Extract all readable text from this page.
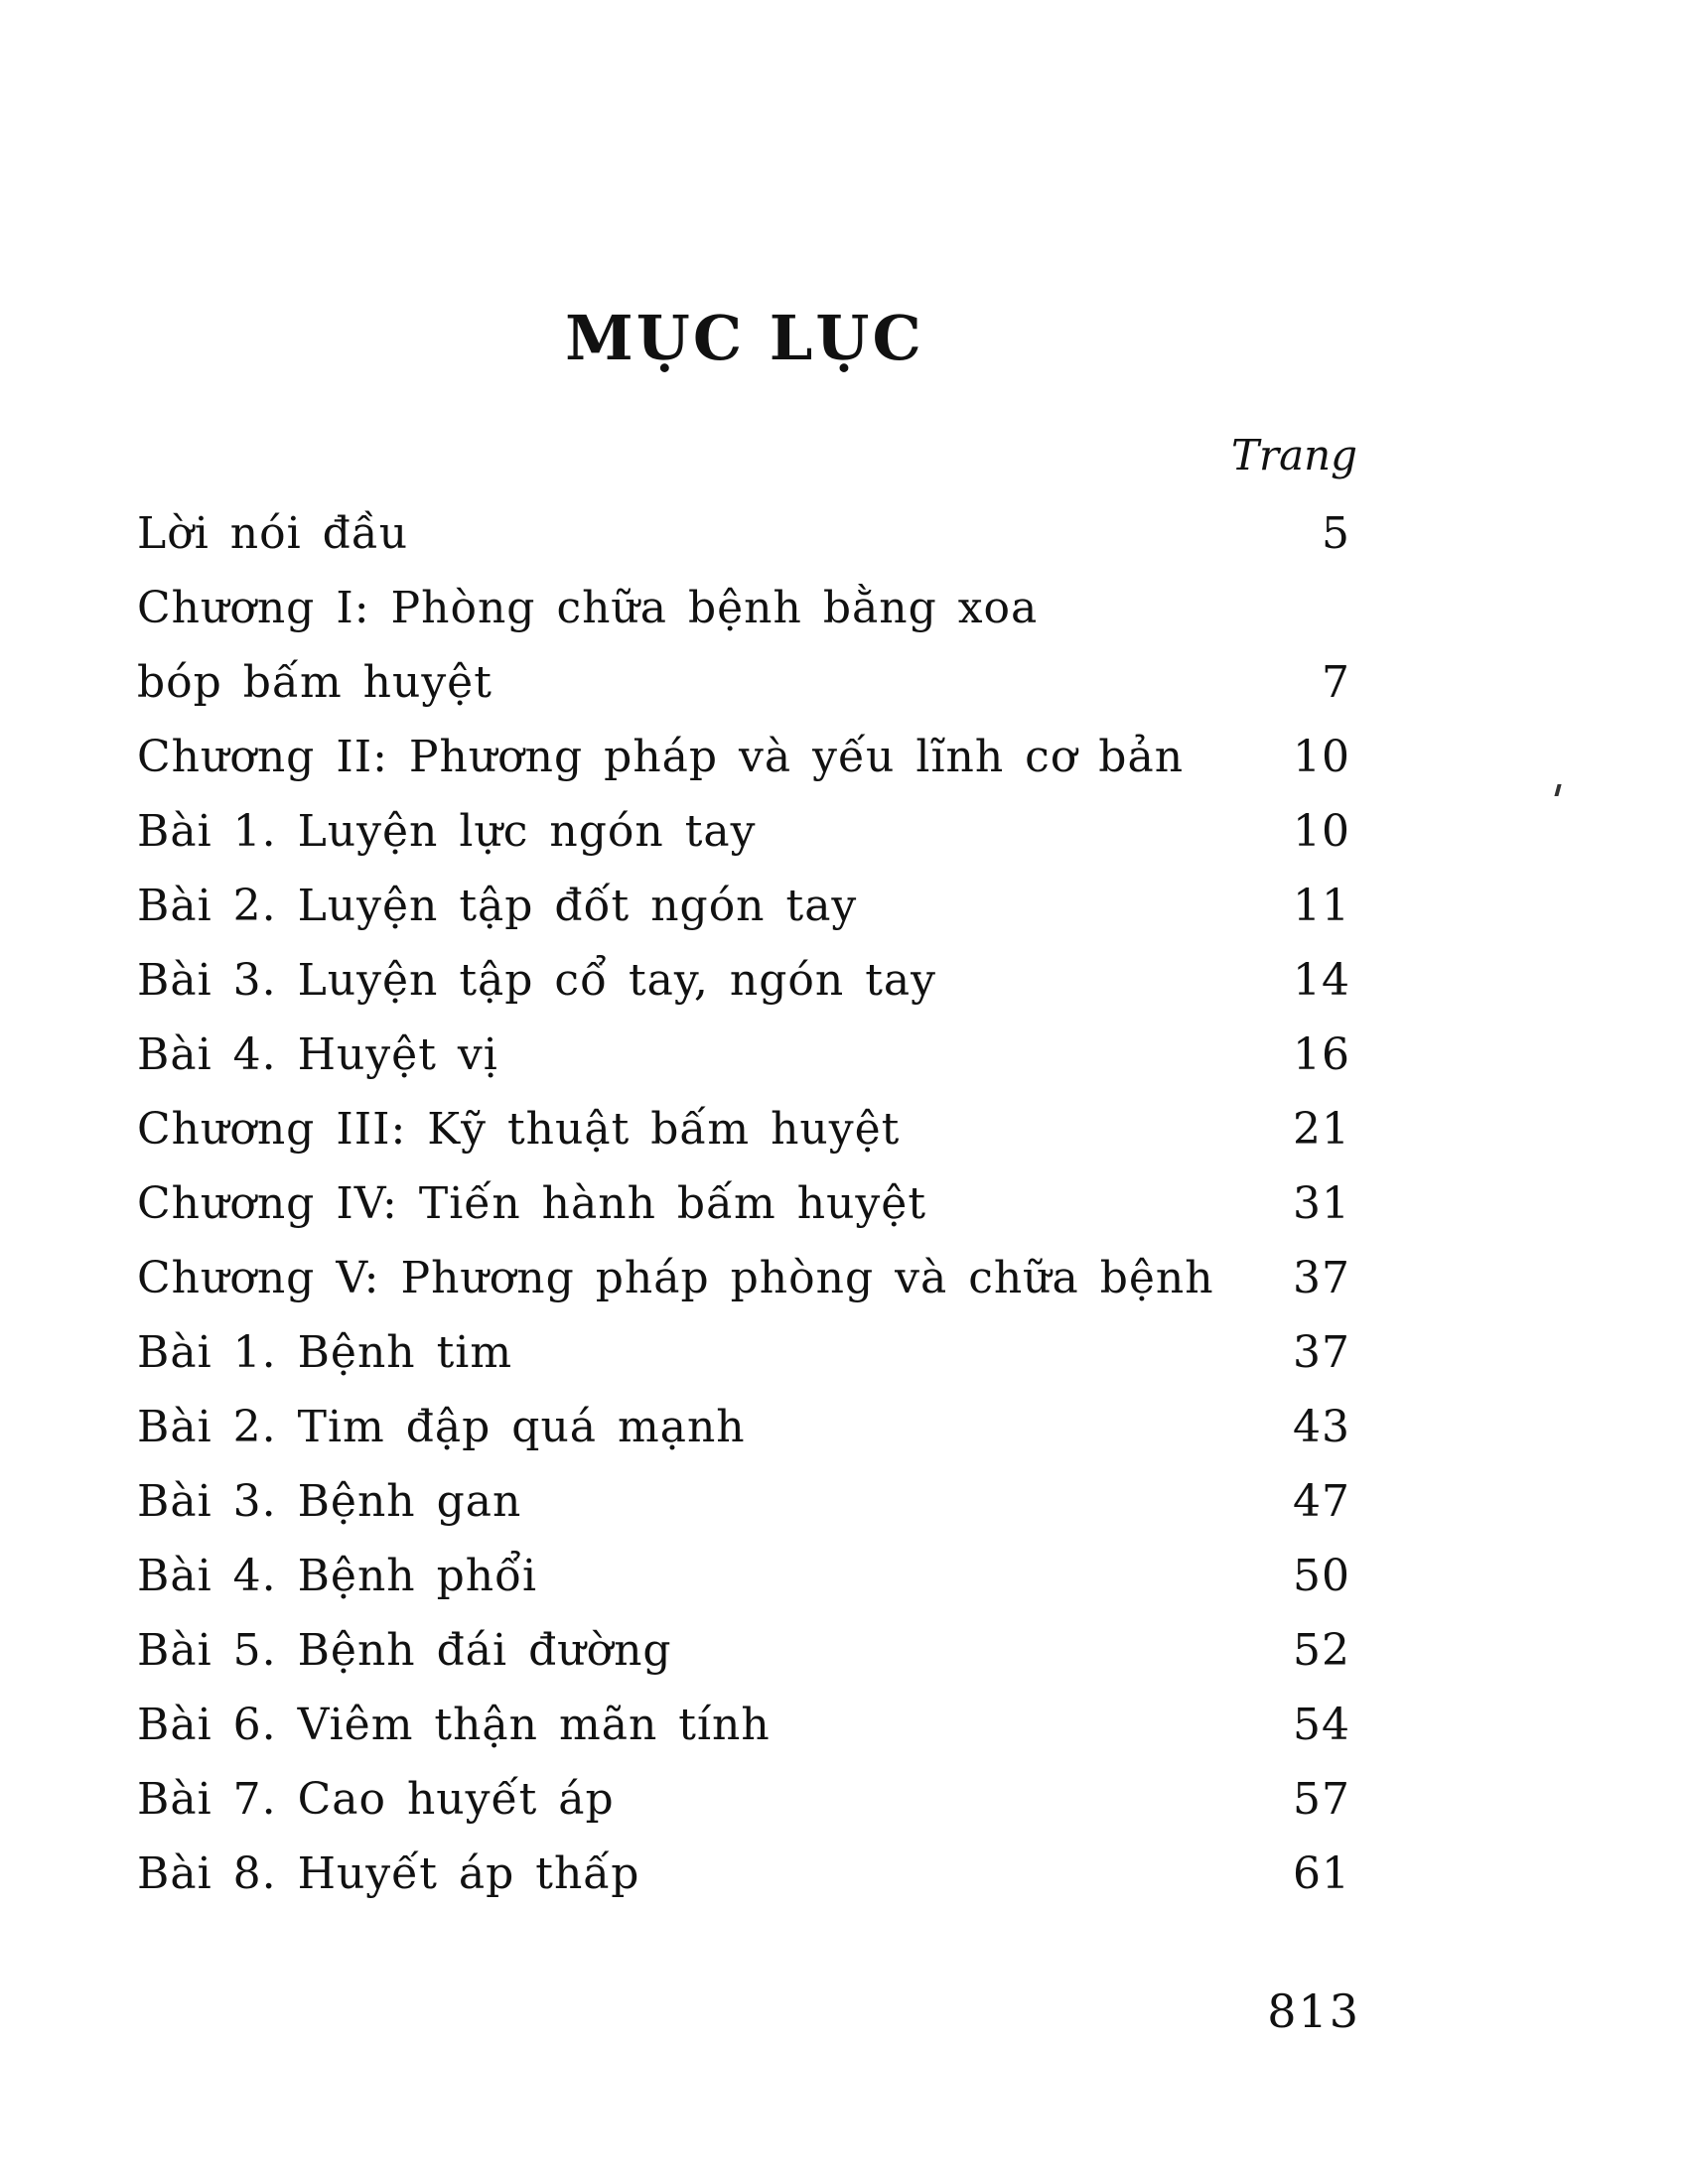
MỤC LỤC
Trang
Lời nói đầu	5
Chương I: Phòng chữa bệnh bằng xoa
bóp bấm huyệt	7
Chương II: Phương pháp và yếu lĩnh cơ bản	10
Bài 1. Luyện lực ngón tay	10
Bài 2. Luyện tập đốt ngón tay	11
Bài 3. Luyện tập cổ tay, ngón tay	14
Bài 4. Huyệt vị	16
Chương III: Kỹ thuật bấm huyệt	21
Chương IV: Tiến hành bấm huyệt	31
Chương V: Phương pháp phòng và chữa bệnh	37
Bài 1. Bệnh tim	37
Bài 2. Tim đập quá mạnh	43
Bài 3. Bệnh gan	47
Bài 4. Bệnh phổi	50
Bài 5. Bệnh đái đường	52
Bài 6. Viêm thận mãn tính	54
Bài 7. Cao huyết áp	57
Bài 8. Huyết áp thấp	61
813
